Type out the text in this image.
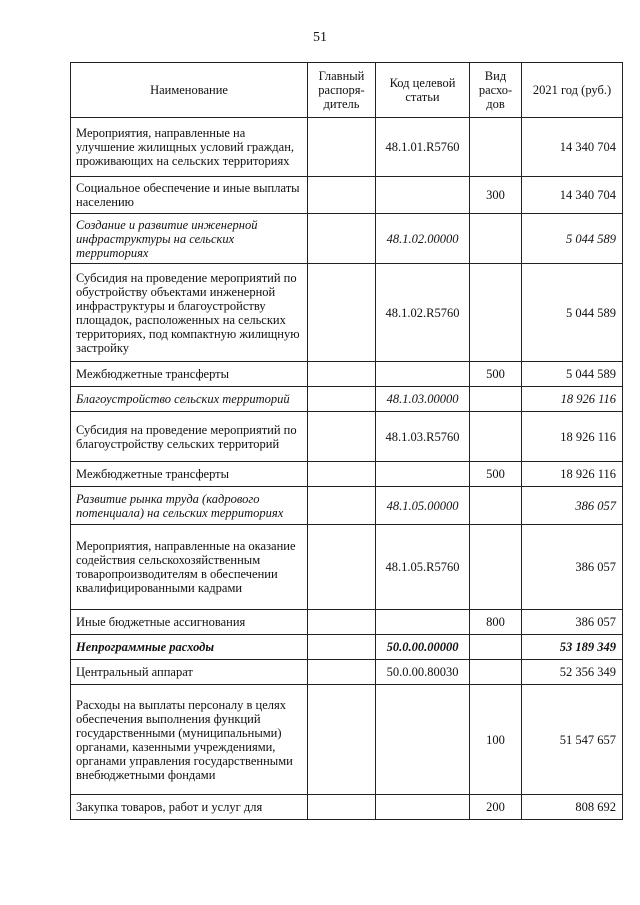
51
Наименование	Главный распоря-дитель	Код целевой статьи	Вид расхо-дов	2021 год (руб.)
Мероприятия, направленные на улучшение жилищных условий граждан, проживающих на сельских территориях		48.1.01.R5760		14 340 704
Социальное обеспечение и иные выплаты населению			300	14 340 704
Создание и развитие инженерной инфраструктуры на сельских территориях		48.1.02.00000		5 044 589
Субсидия на проведение мероприятий по обустройству объектами инженерной инфраструктуры и благоустройству площадок, расположенных на сельских территориях, под компактную жилищную застройку		48.1.02.R5760		5 044 589
Межбюджетные трансферты			500	5 044 589
Благоустройство сельских территорий		48.1.03.00000		18 926 116
Субсидия на проведение мероприятий по благоустройству сельских территорий		48.1.03.R5760		18 926 116
Межбюджетные трансферты			500	18 926 116
Развитие рынка труда (кадрового потенциала) на сельских территориях		48.1.05.00000		386 057
Мероприятия, направленные на оказание содействия сельскохозяйственным товаропроизводителям в обеспечении квалифицированными кадрами		48.1.05.R5760		386 057
Иные бюджетные ассигнования			800	386 057
Непрограммные расходы		50.0.00.00000		53 189 349
Центральный аппарат		50.0.00.80030		52 356 349
Расходы на выплаты персоналу в целях обеспечения выполнения функций государственными (муниципальными) органами, казенными учреждениями, органами управления государственными внебюджетными фондами			100	51 547 657
Закупка товаров, работ и услуг для			200	808 692
